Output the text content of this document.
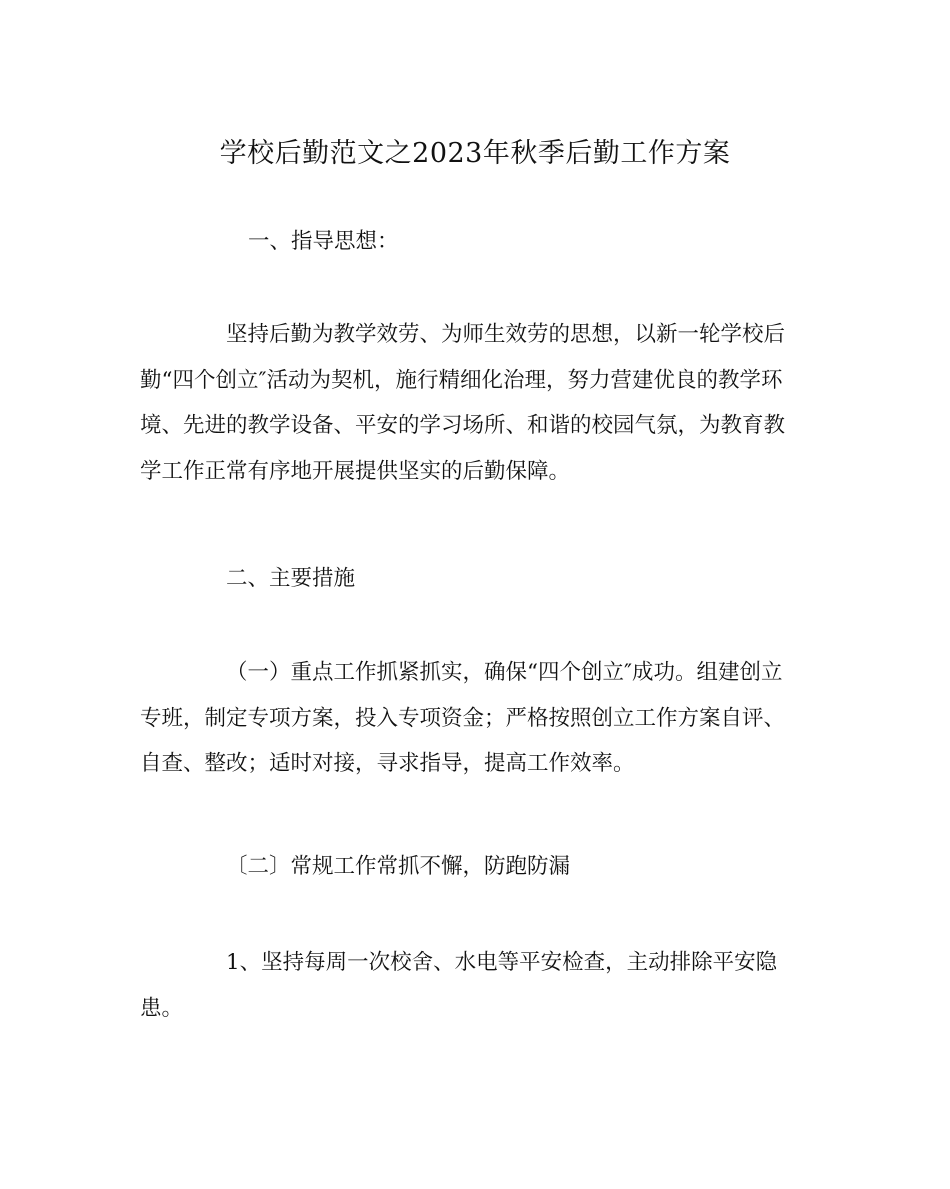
学校后勤范文之2023年秋季后勤工作方案
一、指导思想：
坚持后勤为教学效劳、为师生效劳的思想，以新一轮学校后
勤“四个创立″活动为契机，施行精细化治理，努力营建优良的教学环
境、先进的教学设备、平安的学习场所、和谐的校园气氛，为教育教
学工作正常有序地开展提供坚实的后勤保障。
二、主要措施
（一）重点工作抓紧抓实，确保“四个创立″成功。组建创立
专班，制定专项方案，投入专项资金；严格按照创立工作方案自评、
自查、整改；适时对接，寻求指导，提高工作效率。
〔二〕常规工作常抓不懈，防跑防漏
1、坚持每周一次校舍、水电等平安检查，主动排除平安隐
患。
